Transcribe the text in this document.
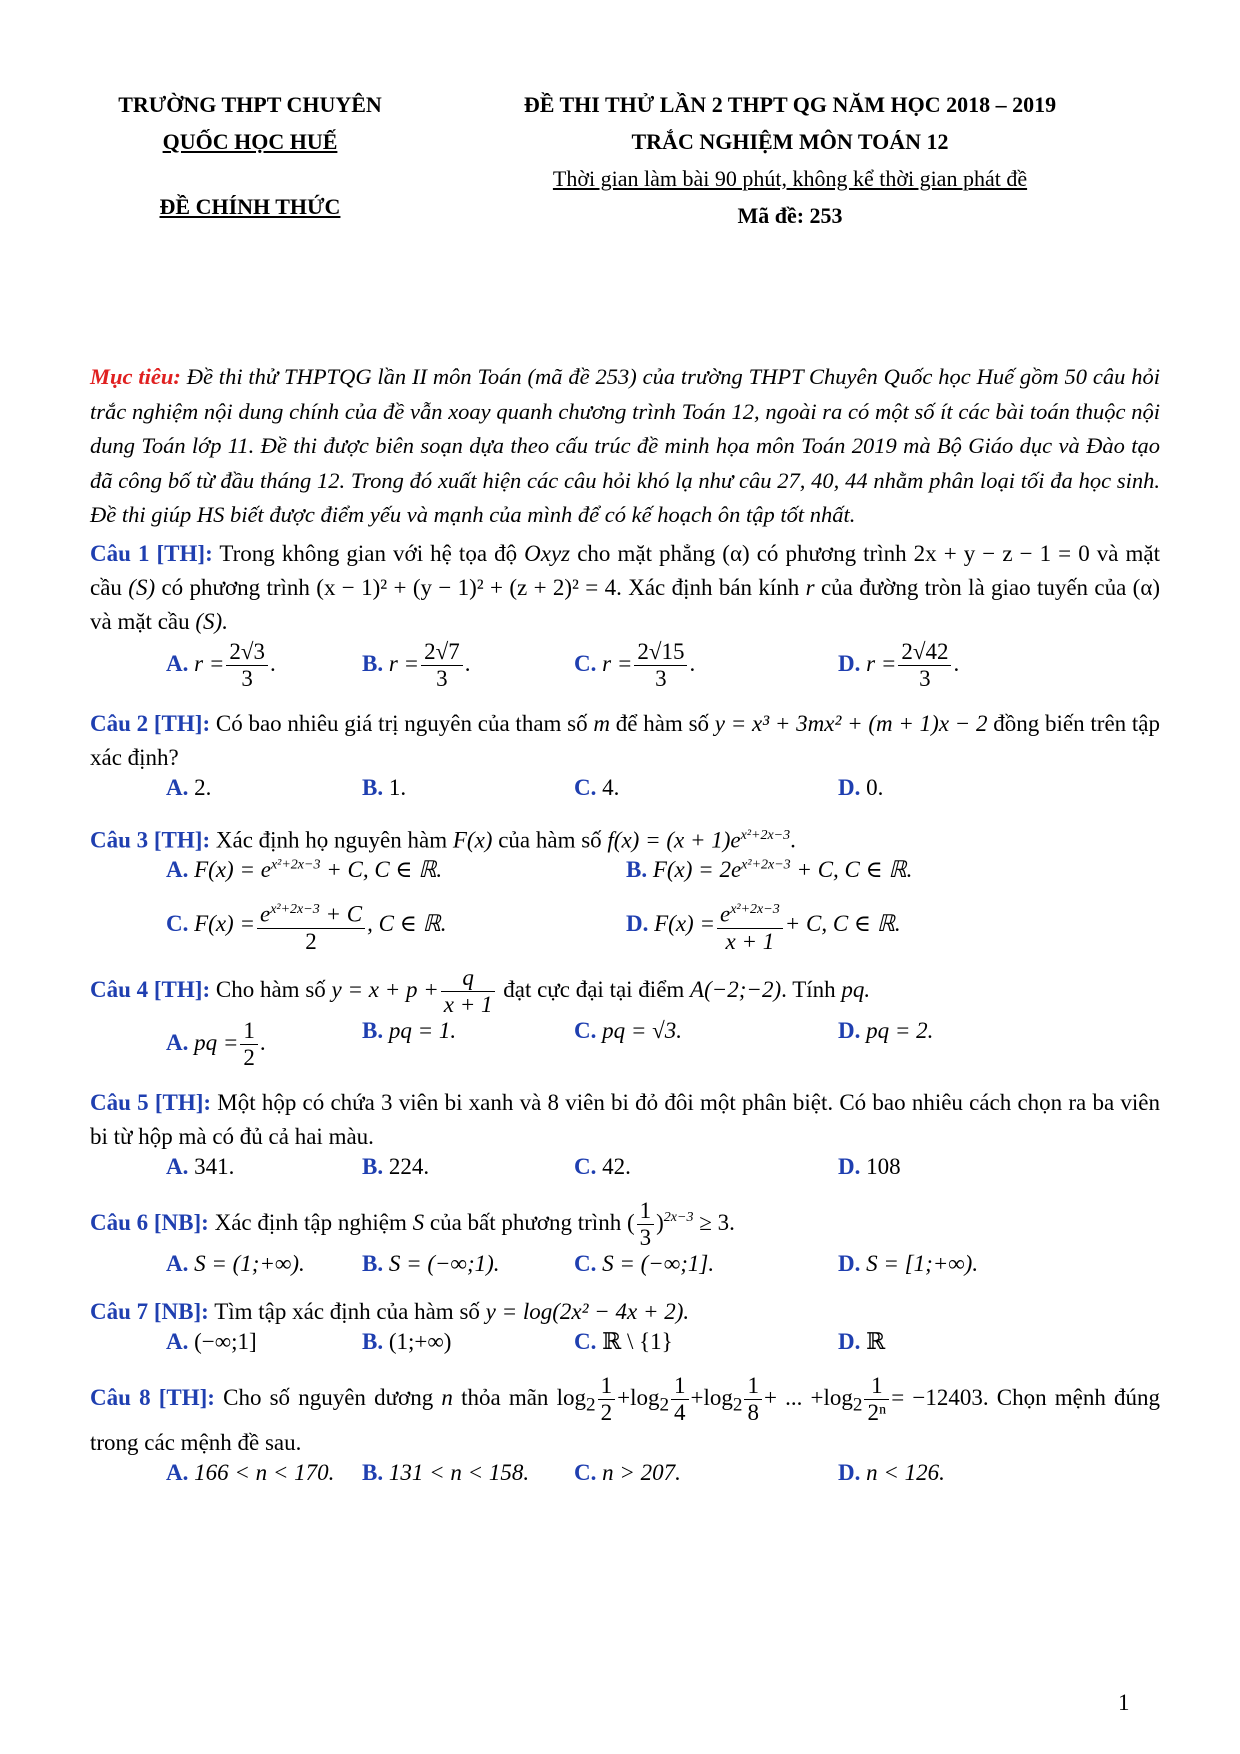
TRƯỜNG THPT CHUYÊN
QUỐC HỌC HUẾ
ĐỀ CHÍNH THỨC
ĐỀ THI THỬ LẦN 2 THPT QG NĂM HỌC 2018 – 2019
TRẮC NGHIỆM MÔN TOÁN 12
Thời gian làm bài 90 phút, không kể thời gian phát đề
Mã đề: 253
Mục tiêu: Đề thi thử THPTQG lần II môn Toán (mã đề 253) của trường THPT Chuyên Quốc học Huế gồm 50 câu hỏi trắc nghiệm nội dung chính của đề vẫn xoay quanh chương trình Toán 12, ngoài ra có một số ít các bài toán thuộc nội dung Toán lớp 11. Đề thi được biên soạn dựa theo cấu trúc đề minh họa môn Toán 2019 mà Bộ Giáo dục và Đào tạo đã công bố từ đầu tháng 12. Trong đó xuất hiện các câu hỏi khó lạ như câu 27, 40, 44 nhằm phân loại tối đa học sinh. Đề thi giúp HS biết được điểm yếu và mạnh của mình để có kế hoạch ôn tập tốt nhất.
Câu 1 [TH]: Trong không gian với hệ tọa độ Oxyz cho mặt phẳng (α) có phương trình 2x + y − z − 1 = 0 và mặt cầu (S) có phương trình (x − 1)² + (y − 1)² + (z + 2)² = 4. Xác định bán kính r của đường tròn là giao tuyến của (α) và mặt cầu (S).
A. $r = \frac{2√3}{3}$ .	B. $r = \frac{2√7}{3}$ .	C. $r = \frac{2√15}{3}$ .	D. $r = \frac{2√42}{3}$ .
Câu 2 [TH]: Có bao nhiêu giá trị nguyên của tham số m để hàm số y = x³ + 3mx² + (m + 1)x − 2 đồng biến trên tập xác định?
A. 2.	B. 1.	C. 4.	D. 0.
Câu 3 [TH]: Xác định họ nguyên hàm F(x) của hàm số $f(x) = (x + 1)e^{x^2+2x-3}$.
A. $F(x) = e^{x^2+2x-3} + C$, C ∈ ℝ.	B. $F(x) = 2e^{x^2+2x-3} + C$, C ∈ ℝ.
C. $F(x) = \frac{e^{x^2+2x-3} + C}{2}$ , C ∈ ℝ.	D. $F(x) = \frac{e^{x^2+2x-3}}{x + 1} + C$, C ∈ ℝ.
Câu 4 [TH]: Cho hàm số $y = x + p + \frac{q}{x + 1}$ đạt cực đại tại điểm A(−2;−2). Tính pq.
A. pq = $\frac{1}{2}$ .	B. pq = 1.	C. pq = √3.	D. pq = 2.
Câu 5 [TH]: Một hộp có chứa 3 viên bi xanh và 8 viên bi đỏ đôi một phân biệt. Có bao nhiêu cách chọn ra ba viên bi từ hộp mà có đủ cả hai màu.
A. 341.	B. 224.	C. 42.	D. 108
Câu 6 [NB]: Xác định tập nghiệm S của bất phương trình ( $\frac{1}{3} )^{2x-3} \ge 3$.
A. S = (1;+∞). B. S = (−∞;1).	C. S = (−∞;1].	D. S = [1;+∞).
Câu 7 [NB]: Tìm tập xác định của hàm số y = log(2x² − 4x + 2).
A. (−∞;1]	B. (1;+∞)	C. ℝ \ {1}	D. ℝ
Câu 8 [TH]: Cho số nguyên dương n thỏa mãn $\log_2 \frac{1}{2} +\log_2 \frac{1}{4} +\log_2 \frac{1}{8}$ + ... $+\log_2 \frac{1}{\text{2ⁿ}} = -12403$. Chọn mệnh đúng trong các mệnh đề sau.
A. 166 < n < 170. B. 131 < n < 158. C. n > 207.	D. n < 126.
1
